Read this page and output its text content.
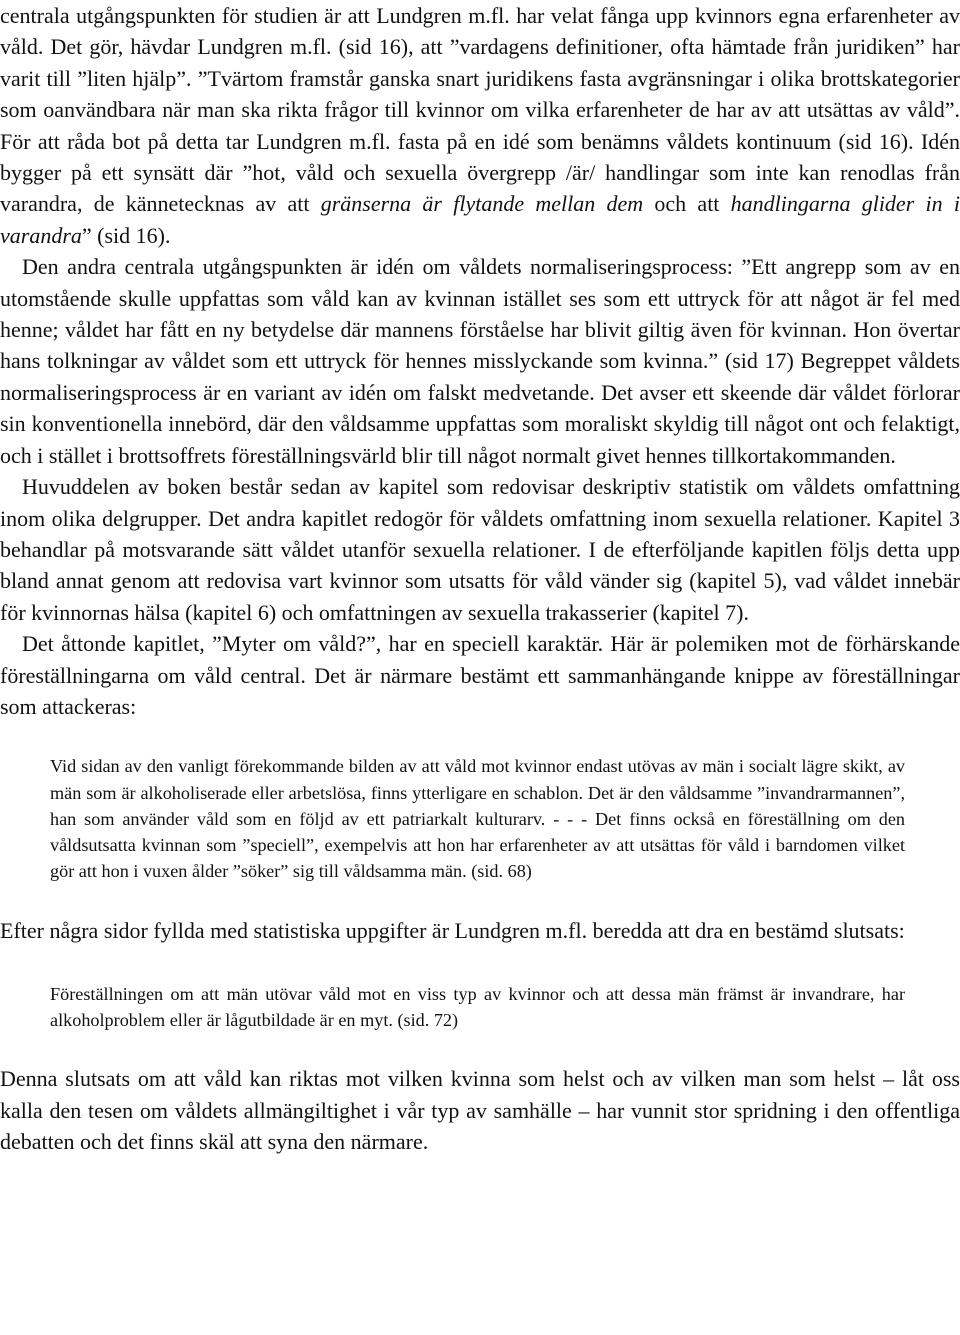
centrala utgångspunkten för studien är att Lundgren m.fl. har velat fånga upp kvinnors egna erfarenheter av våld. Det gör, hävdar Lundgren m.fl. (sid 16), att ”vardagens definitioner, ofta hämtade från juridiken” har varit till ”liten hjälp”. ”Tvärtom framstår ganska snart juridikens fasta avgränsningar i olika brottskategorier som oanvändbara när man ska rikta frågor till kvinnor om vilka erfarenheter de har av att utsättas av våld”. För att råda bot på detta tar Lundgren m.fl. fasta på en idé som benämns våldets kontinuum (sid 16). Idén bygger på ett synsätt där ”hot, våld och sexuella övergrepp /är/ handlingar som inte kan renodlas från varandra, de kännetecknas av att gränserna är flytande mellan dem och att handlingarna glider in i varandra” (sid 16).

Den andra centrala utgångspunkten är idén om våldets normaliseringsprocess: ”Ett angrepp som av en utomstående skulle uppfattas som våld kan av kvinnan istället ses som ett uttryck för att något är fel med henne; våldet har fått en ny betydelse där mannens förståelse har blivit giltig även för kvinnan. Hon övertar hans tolkningar av våldet som ett uttryck för hennes misslyckande som kvinna.” (sid 17) Begreppet våldets normaliseringsprocess är en variant av idén om falskt medvetande. Det avser ett skeende där våldet förlorar sin konventionella innebörd, där den våldsamme uppfattas som moraliskt skyldig till något ont och felaktigt, och i stället i brottsoffrets föreställningsvärld blir till något normalt givet hennes tillkortakommanden.

Huvuddelen av boken består sedan av kapitel som redovisar deskriptiv statistik om våldets omfattning inom olika delgrupper. Det andra kapitlet redogör för våldets omfattning inom sexuella relationer. Kapitel 3 behandlar på motsvarande sätt våldet utanför sexuella relationer. I de efterföljande kapitlen följs detta upp bland annat genom att redovisa vart kvinnor som utsatts för våld vänder sig (kapitel 5), vad våldet innebär för kvinnornas hälsa (kapitel 6) och omfattningen av sexuella trakasserier (kapitel 7).

Det åttonde kapitlet, ”Myter om våld?”, har en speciell karaktär. Här är polemiken mot de förhärskande föreställningarna om våld central. Det är närmare bestämt ett sammanhängande knippe av föreställningar som attackeras:

Vid sidan av den vanligt förekommande bilden av att våld mot kvinnor endast utövas av män i socialt lägre skikt, av män som är alkoholiserade eller arbetslösa, finns ytterligare en schablon. Det är den våldsamme ”invandrarmannen”, han som använder våld som en följd av ett patriarkalt kulturarv. - - - Det finns också en föreställning om den våldsutsatta kvinnan som ”speciell”, exempelvis att hon har erfarenheter av att utsättas för våld i barndomen vilket gör att hon i vuxen ålder ”söker” sig till våldsamma män. (sid. 68)

Efter några sidor fyllda med statistiska uppgifter är Lundgren m.fl. beredda att dra en bestämd slutsats:

Föreställningen om att män utövar våld mot en viss typ av kvinnor och att dessa män främst är invandrare, har alkoholproblem eller är lågutbildade är en myt. (sid. 72)

Denna slutsats om att våld kan riktas mot vilken kvinna som helst och av vilken man som helst – låt oss kalla den tesen om våldets allmängiltighet i vår typ av samhälle – har vunnit stor spridning i den offentliga debatten och det finns skäl att syna den närmare.
